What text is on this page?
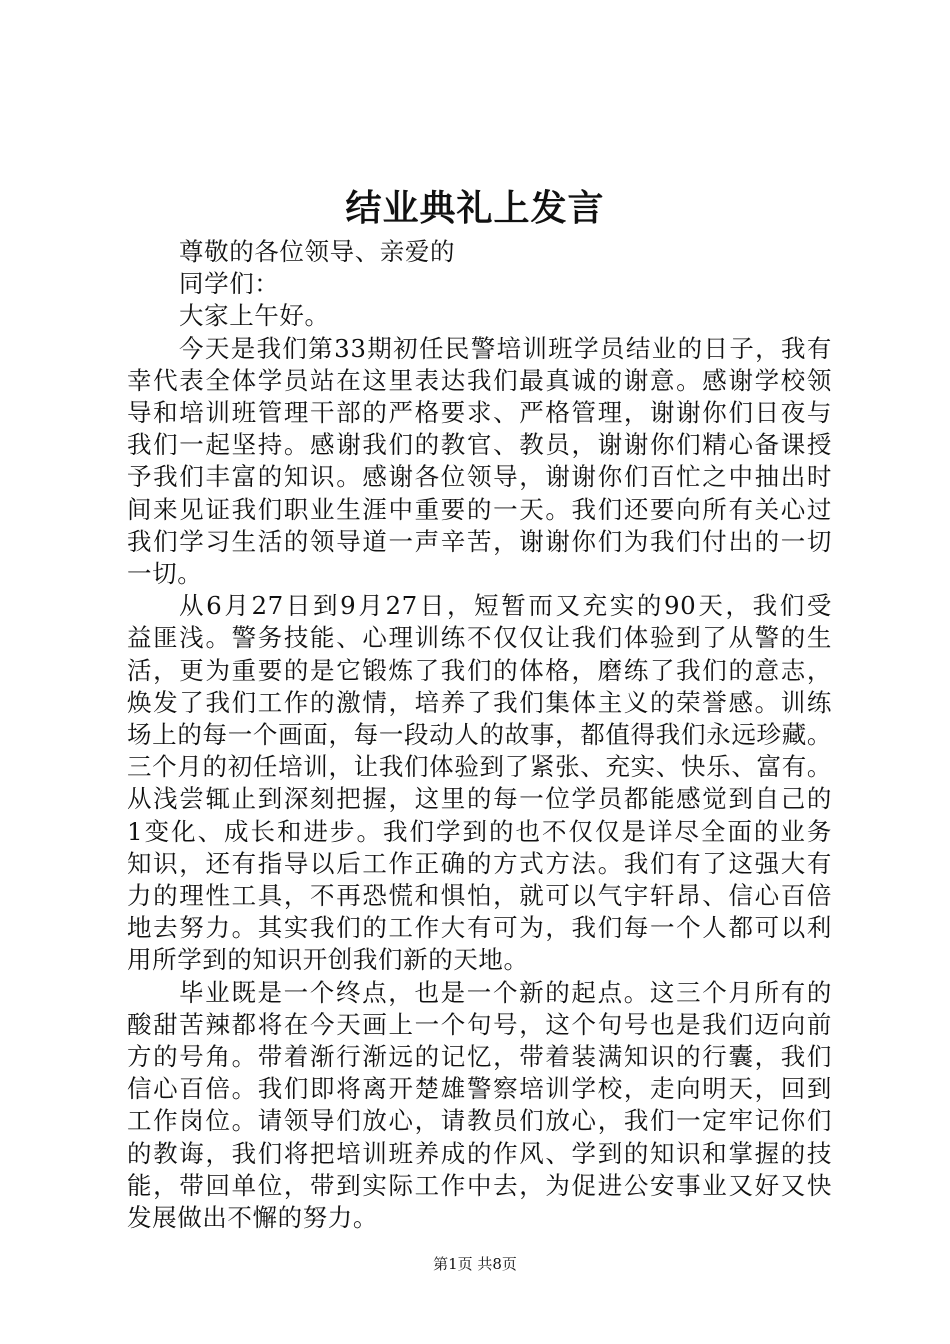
结业典礼上发言
尊敬的各位领导、亲爱的
同学们：
大家上午好。
今天是我们第33期初任民警培训班学员结业的日子，我有
幸代表全体学员站在这里表达我们最真诚的谢意。感谢学校领
导和培训班管理干部的严格要求、严格管理，谢谢你们日夜与
我们一起坚持。感谢我们的教官、教员，谢谢你们精心备课授
予我们丰富的知识。感谢各位领导，谢谢你们百忙之中抽出时
间来见证我们职业生涯中重要的一天。我们还要向所有关心过
我们学习生活的领导道一声辛苦，谢谢你们为我们付出的一切
一切。
从6月27日到9月27日，短暂而又充实的90天，我们受
益匪浅。警务技能、心理训练不仅仅让我们体验到了从警的生
活，更为重要的是它锻炼了我们的体格，磨练了我们的意志，
焕发了我们工作的激情，培养了我们集体主义的荣誉感。训练
场上的每一个画面，每一段动人的故事，都值得我们永远珍藏。
三个月的初任培训，让我们体验到了紧张、充实、快乐、富有。
从浅尝辄止到深刻把握，这里的每一位学员都能感觉到自己的
1变化、成长和进步。我们学到的也不仅仅是详尽全面的业务
知识，还有指导以后工作正确的方式方法。我们有了这强大有
力的理性工具，不再恐慌和惧怕，就可以气宇轩昂、信心百倍
地去努力。其实我们的工作大有可为，我们每一个人都可以利
用所学到的知识开创我们新的天地。
毕业既是一个终点，也是一个新的起点。这三个月所有的
酸甜苦辣都将在今天画上一个句号，这个句号也是我们迈向前
方的号角。带着渐行渐远的记忆，带着装满知识的行囊，我们
信心百倍。我们即将离开楚雄警察培训学校，走向明天，回到
工作岗位。请领导们放心，请教员们放心，我们一定牢记你们
的教诲，我们将把培训班养成的作风、学到的知识和掌握的技
能，带回单位，带到实际工作中去，为促进公安事业又好又快
发展做出不懈的努力。
第1页 共8页
